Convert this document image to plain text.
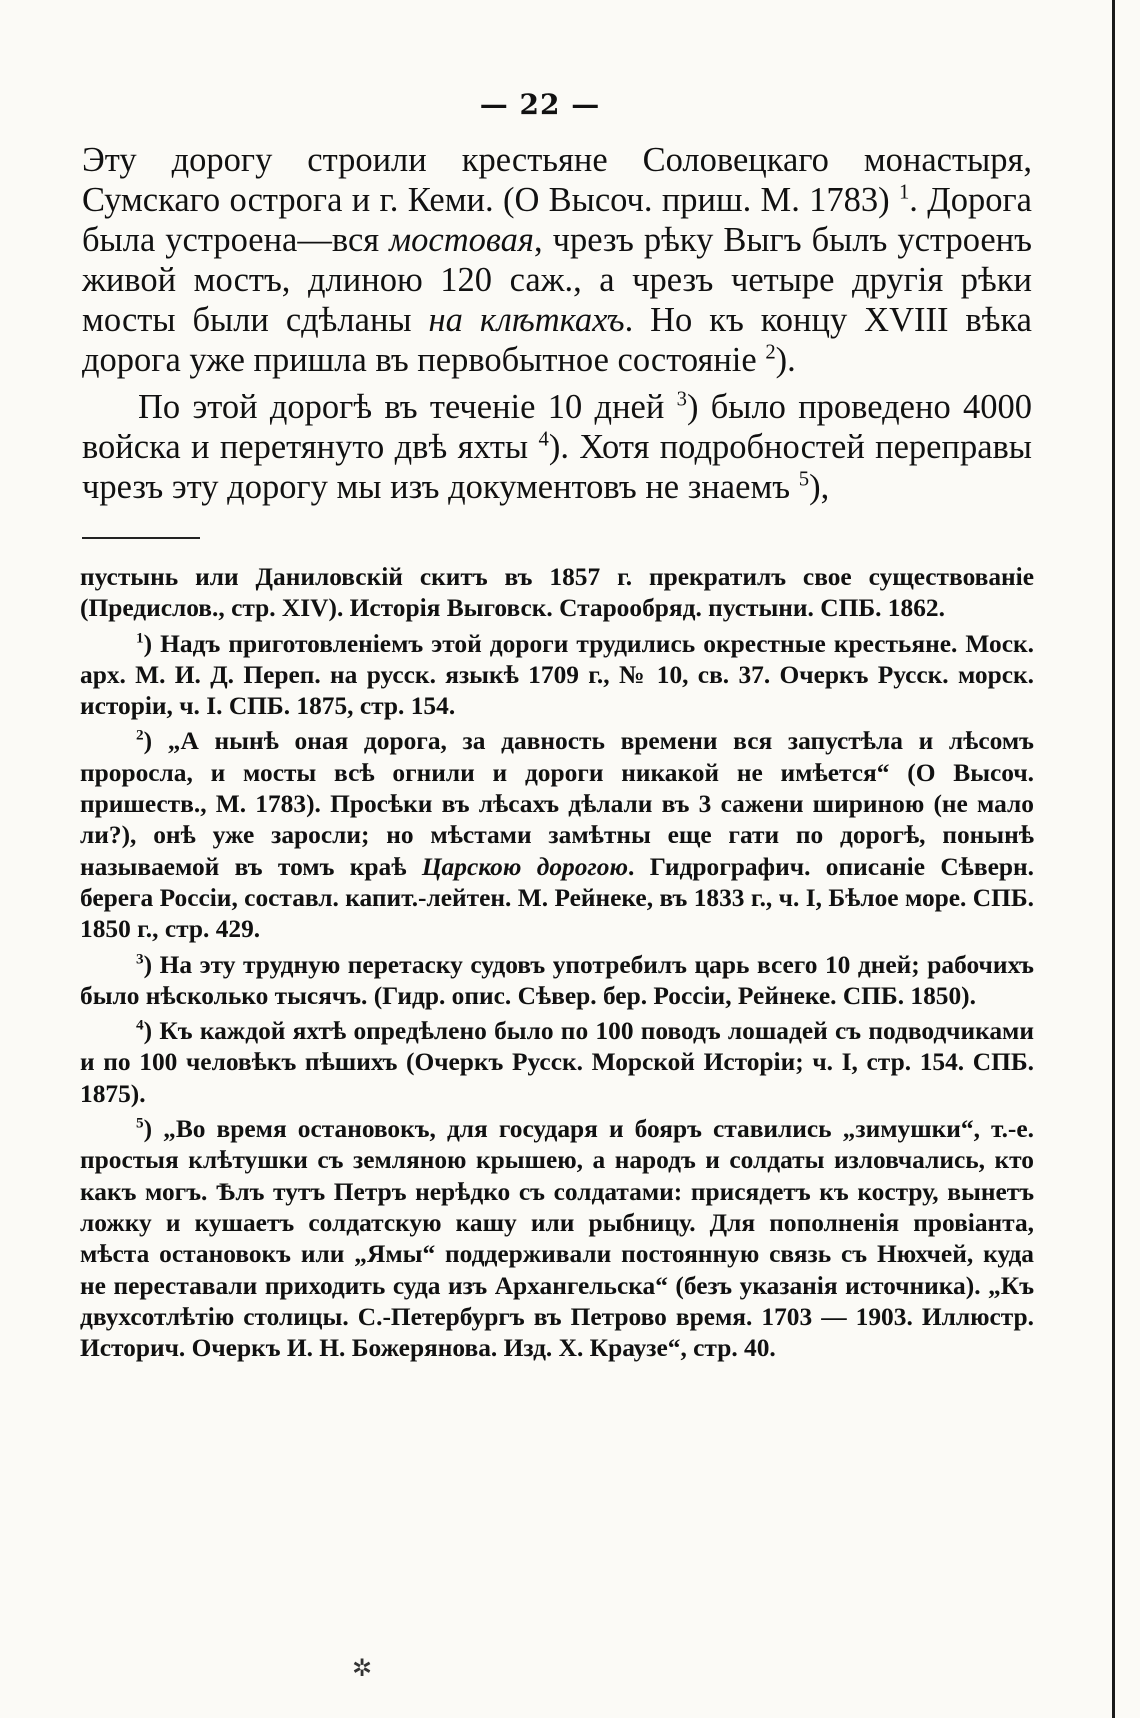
— 22 —

Эту дорогу строили крестьяне Соловецкаго монастыря, Сумскаго острога и г. Кеми. (О Высоч. приш. М. 1783) $^1$. Дорога была устроена—вся мостовая, чрезъ рѣку Выгъ былъ устроенъ живой мостъ, длиною 120 саж., а чрезъ четыре другія рѣки мосты были сдѣланы на клѣткахъ. Но къ концу XVIII вѣка дорога уже пришла въ первобытное состояніе $^2$).

По этой дорогѣ въ теченіе 10 дней $^3$) было проведено 4000 войска и перетянуто двѣ яхты $^4$). Хотя подробностей переправы чрезъ эту дорогу мы изъ документовъ не знаемъ $^5$),

пустынь или Даниловскій скитъ въ 1857 г. прекратилъ свое существованіе (Предислов., стр. XIV). Исторія Выговск. Старообряд. пустыни. СПБ. 1862.

$^1$) Надъ приготовленіемъ этой дороги трудились окрестные крестьяне. Моск. арх. М. И. Д. Переп. на русск. языкѣ 1709 г., № 10, св. 37. Очеркъ Русск. морск. исторіи, ч. І. СПБ. 1875, стр. 154.

$^2$) „А нынѣ оная дорога, за давность времени вся запустѣла и лѣсомъ проросла, и мосты всѣ огнили и дороги никакой не имѣется“ (О Высоч. пришеств., М. 1783). Просѣки въ лѣсахъ дѣлали въ 3 сажени шириною (не мало ли?), онѣ уже заросли; но мѣстами замѣтны еще гати по дорогѣ, понынѣ называемой въ томъ краѣ Царскою дорогою. Гидрографич. описаніе Сѣверн. берега Россіи, составл. капит.-лейтен. М. Рейнеке, въ 1833 г., ч. І, Бѣлое море. СПБ. 1850 г., стр. 429.

$^3$) На эту трудную перетаску судовъ употребилъ царь всего 10 дней; рабочихъ было нѣсколько тысячъ. (Гидр. опис. Сѣвер. бер. Россіи, Рейнеке. СПБ. 1850).

$^4$) Къ каждой яхтѣ опредѣлено было по 100 поводъ лошадей съ подводчиками и по 100 человѣкъ пѣшихъ (Очеркъ Русск. Морской Исторіи; ч. І, стр. 154. СПБ. 1875).

$^5$) „Во время остановокъ, для государя и бояръ ставились „зимушки“, т.-е. простыя клѣтушки съ земляною крышею, а народъ и солдаты изловчались, кто какъ могъ. Ѣлъ тутъ Петръ нерѣдко съ солдатами: присядетъ къ костру, вынетъ ложку и кушаетъ солдатскую кашу или рыбницу. Для пополненія провіанта, мѣста остановокъ или „Ямы“ поддерживали постоянную связь съ Нюхчей, куда не переставали приходить суда изъ Архангельска“ (безъ указанія источника). „Къ двухсотлѣтію столицы. С.-Петербургъ въ Петрово время. 1703 — 1903. Иллюстр. Историч. Очеркъ И. Н. Божерянова. Изд. Х. Краузе“, стр. 40.

✲
